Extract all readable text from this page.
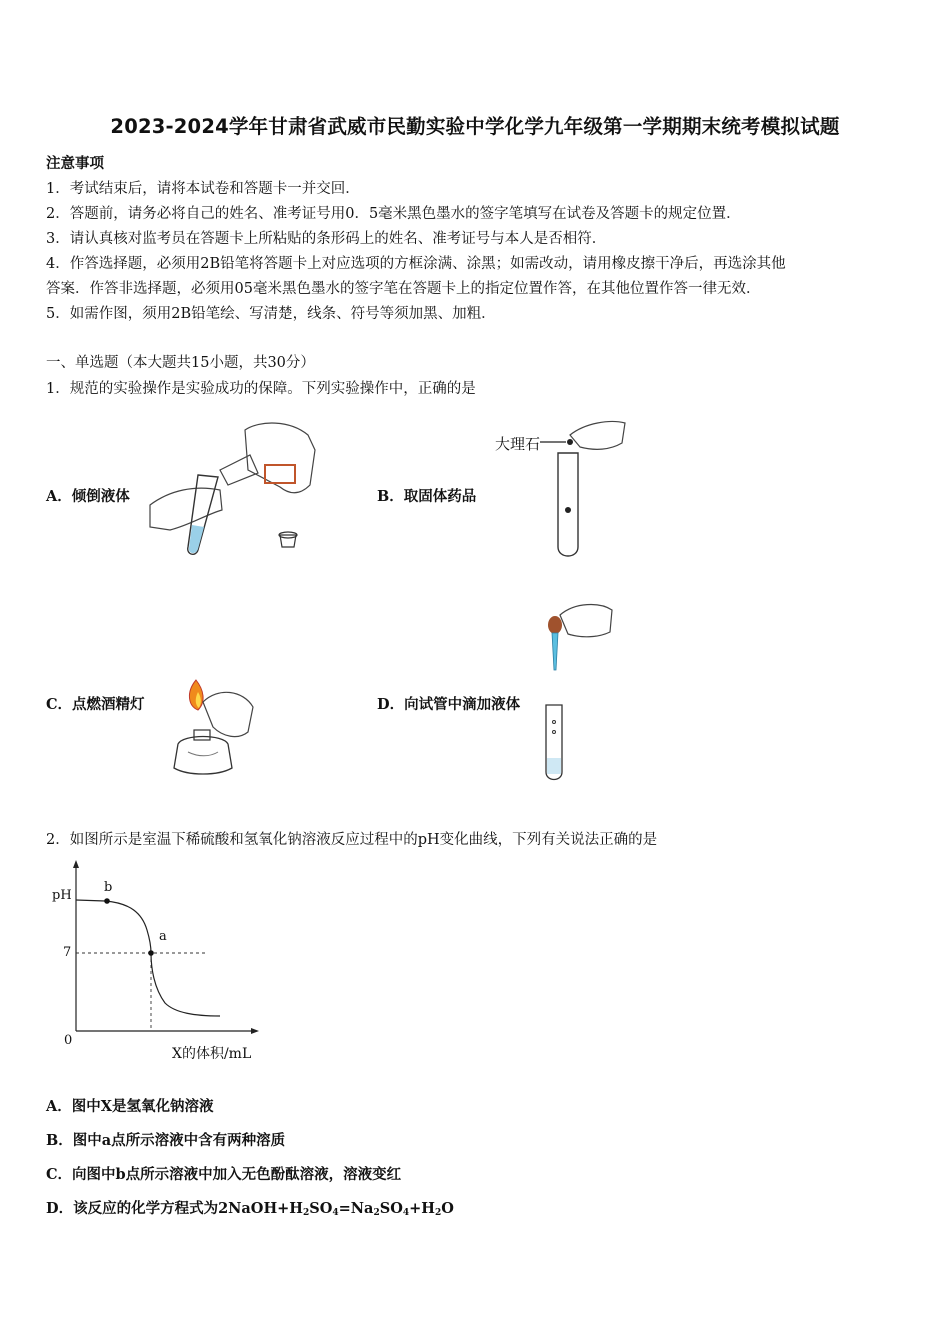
2023-2024学年甘肃省武威市民勤实验中学化学九年级第一学期期末统考模拟试题
注意事项
1．考试结束后，请将本试卷和答题卡一并交回．
2．答题前，请务必将自己的姓名、准考证号用0．5毫米黑色墨水的签字笔填写在试卷及答题卡的规定位置．
3．请认真核对监考员在答题卡上所粘贴的条形码上的姓名、准考证号与本人是否相符．
4．作答选择题，必须用2B铅笔将答题卡上对应选项的方框涂满、涂黑；如需改动，请用橡皮擦干净后，再选涂其他
答案．作答非选择题，必须用05毫米黑色墨水的签字笔在答题卡上的指定位置作答，在其他位置作答一律无效．
5．如需作图，须用2B铅笔绘、写清楚，线条、符号等须加黑、加粗．
一、单选题（本大题共15小题，共30分）
1．规范的实验操作是实验成功的保障。下列实验操作中，正确的是
A．倾倒液体	B．取固体药品
大理石
C．点燃酒精灯	D．向试管中滴加液体
2．如图所示是室温下稀硫酸和氢氧化钠溶液反应过程中的pH变化曲线，下列有关说法正确的是
pH
7
0
b
a
X的体积/mL
A．图中X是氢氧化钠溶液
B．图中a点所示溶液中含有两种溶质
C．向图中b点所示溶液中加入无色酚酞溶液，溶液变红
D．该反应的化学方程式为$2NaOH+H_2SO_4=Na_2SO_4+H_2O$
